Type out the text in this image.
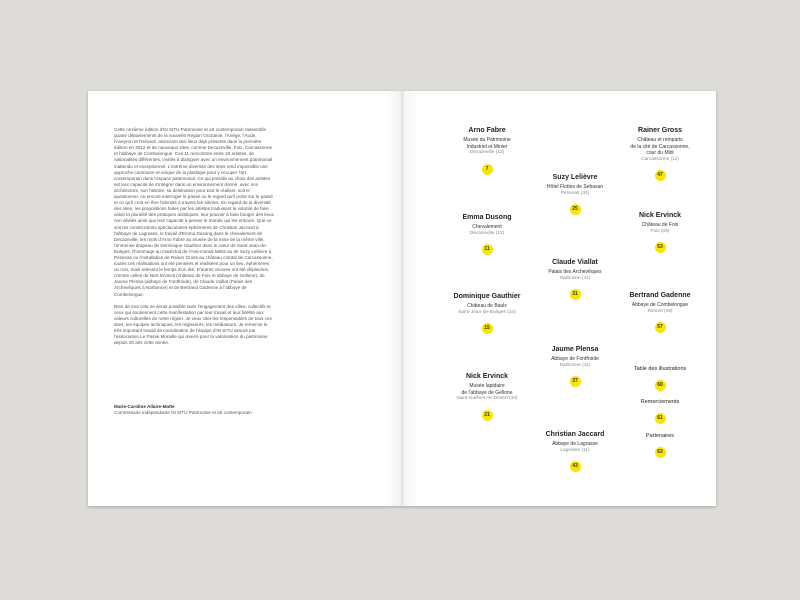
Cette onzième édition d'IN SITU Patrimoine et art contemporain rassemble quatre départements de la nouvelle Région Occitanie, l'Ariège, l'Aude, l'Aveyron et l'Hérault, associant des lieux déjà présents dans la première édition en 2012 et de nouveaux sites, comme Decazeville, Foix, Carcassonne et l'abbaye de Combelongue. Ces 11 rencontres entre 10 artistes, de nationalités différentes, invités à dialoguer avec un environnement patrimonial inattendu et exceptionnel. L'extrême diversité des sites rend impossible une approche commune et unique de la plastique pour y occuper l'art contemporain dans l'espace patrimonial. Ce qui préside au choix des artistes est leur capacité de s'intégrer dans un environnement donné, avec son architecture, son histoire, sa destination pour tout le réaliser, soit le questionner, ou encore interroger le passé ou le regard qu'il porte sur le passé et ce qu'il croit en être l'identité à travers les siècles. En regard de la diversité des sites, les propositions faites par les artistes traduisent la volonté de faire valoir la pluralité des pratiques artistiques, leur pouvoir à faire bouger des lieux non dédiés ainsi que leur capacité à penser le monde qui les entoure. Que ce soit les constructions spectaculaires éphémères de Christian Jaccard à l'abbaye de Lagrasse, le travail d'Emma Dusong dans le chevalement de Decazeville, les mots d'Arno Fabre au musée de la mine de la même ville, l'immense drapeau de Dominique Gauthier dans le cœur de Saint-Jean-de-Buèges, l'hommage au maréchal de l'Anti-monial Métis au de Suzy Lelièvre à Pézenas ou l'installation de Rainer Gross au château comtal de Carcassonne, toutes ces réalisations ont été pensées et réalisées pour un lieu, éphémères ou non, mais relevant le temps d'un été. D'autres œuvres ont été déplacées, comme celles de Nick Ervinck (château de Foix et abbaye de Gellone), de Jaume Plensa (abbaye de Fontfroide), de Claude Viallat (Palais des Archevêques à Narbonne) et de Bertrand Gadenne à l'abbaye de Combelongue.

Rien de tout cela ne serait possible sans l'engagement des villes, collectifs et ceux qui soutiennent cette manifestation par leur travail et leur fidélité aux valeurs culturelles de notre région. Je veux citer les responsables de tous ces sites, les équipes techniques, les régisseurs, les médiateurs. Je remercie le très important travail de coordination de l'équipe d'IN SITU assuré par l'association Le Passe Muraille qui œuvre pour la valorisation du patrimoine depuis 20 ans cette année.

Marie-Caroline Allaire-Matte
Commissaire indépendante IN SITU Patrimoine et art contemporain
Arno Fabre
Musée du Patrimoine
Industriel et Minier
Decazeville (12)
7
Rainer Gross
Château et remparts
de la cité de Carcassonne,
cour du Midi
Carcassonne (11)
47
Suzy Lelièvre
Hôtel Flottes de Sebasan
Pézenas (34)
25
Emma Dusong
Chevalement
Decazeville (12)
11
Nick Ervinck
Château de Foix
Foix (09)
53
Claude Viallat
Palais des Archevêques
Narbonne (11)
31
Dominique Gauthier
Château de Baulx
Saint-Jean-de-Buèges (34)
15
Bertrand Gadenne
Abbaye de Combelongue
Rimont (09)
57
Jaume Plensa
Abbaye de Fontfroide
Narbonne (11)
37
Nick Ervinck
Musée lapidaire
de l'abbaye de Gellone
Saint-Guilhem-le-Désert (34)
21
Christian Jaccard
Abbaye de Lagrasse
Lagrasse (11)
43
Table des illustrations
60
Remerciements
61
Partenaires
63
